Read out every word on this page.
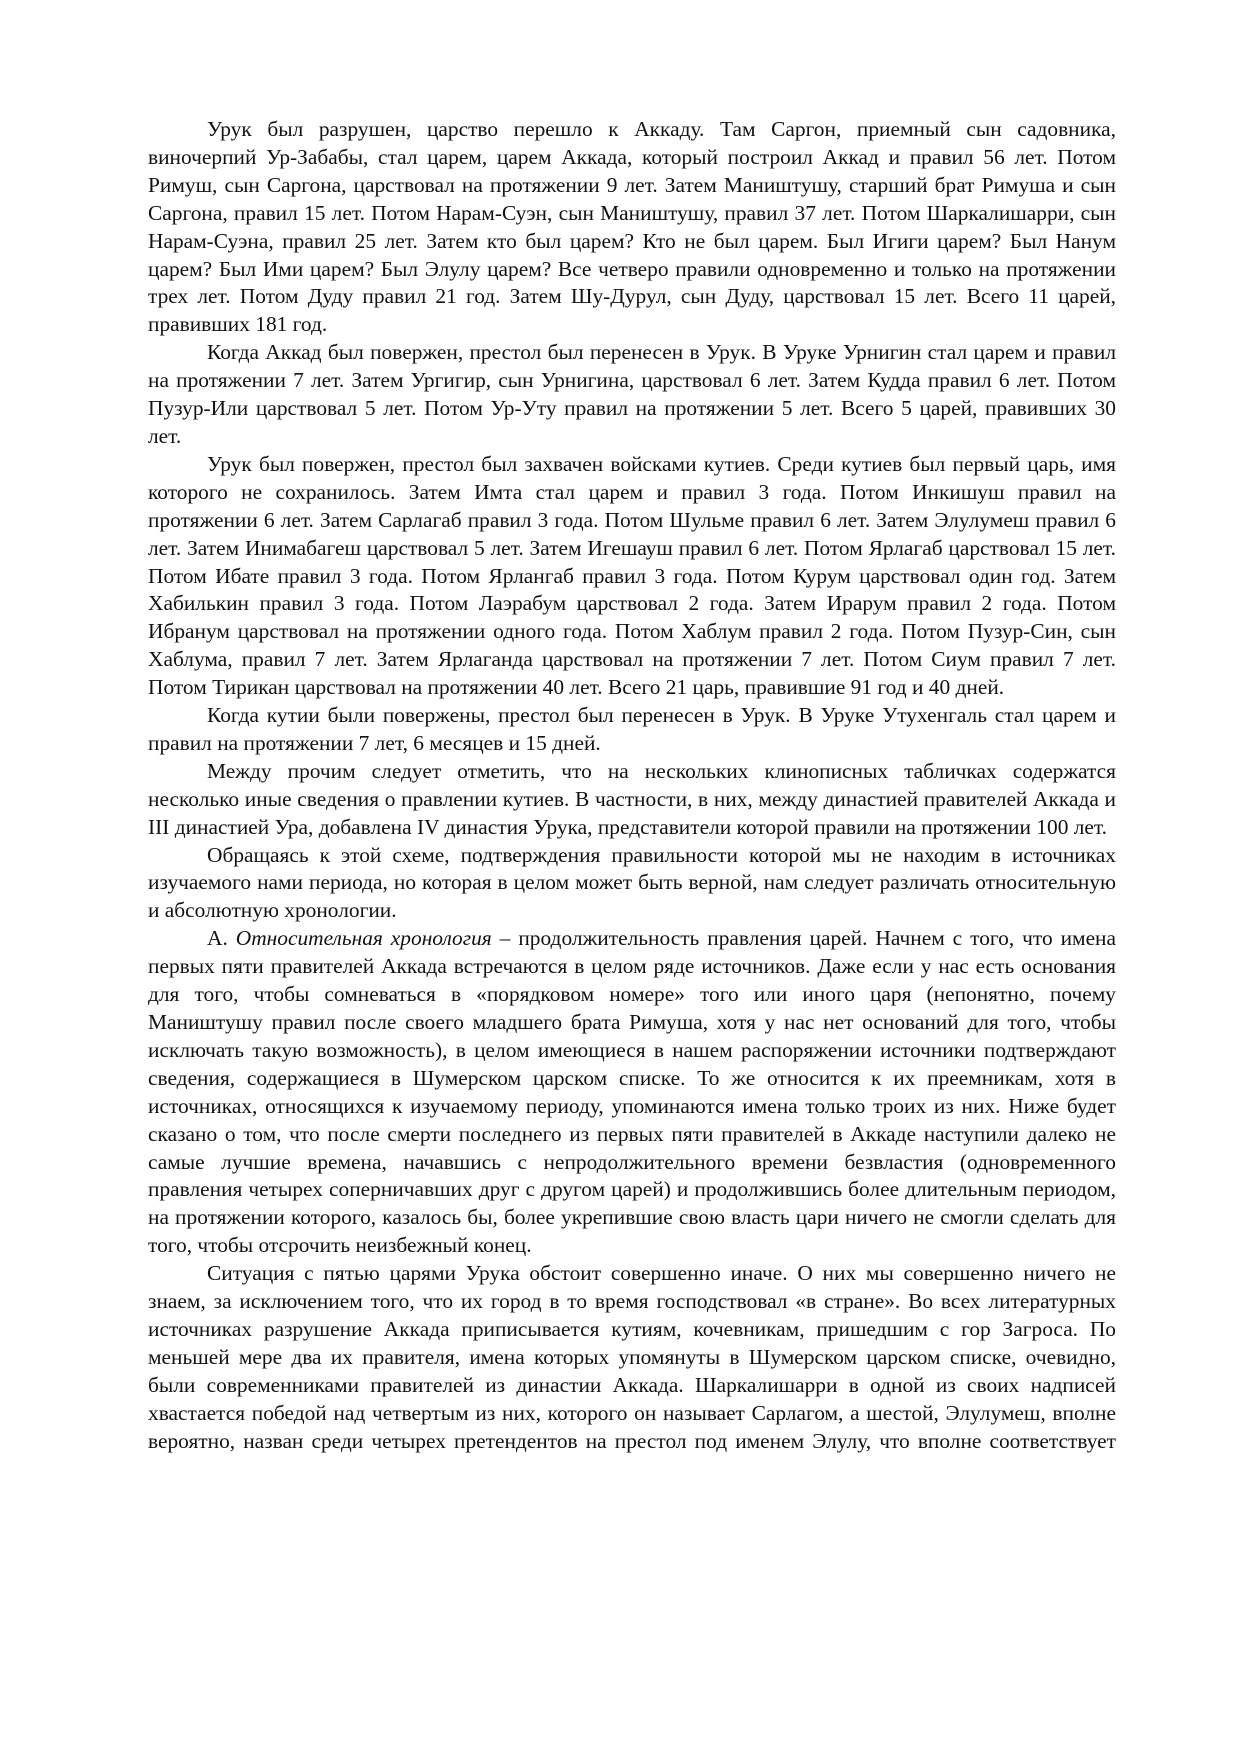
Урук был разрушен, царство перешло к Аккаду. Там Саргон, приемный сын садовника, виночерпий Ур-Забабы, стал царем, царем Аккада, который построил Аккад и правил 56 лет. Потом Римуш, сын Саргона, царствовал на протяжении 9 лет. Затем Маништушу, старший брат Римуша и сын Саргона, правил 15 лет. Потом Нарам-Суэн, сын Маништушу, правил 37 лет. Потом Шаркалишарри, сын Нарам-Суэна, правил 25 лет. Затем кто был царем? Кто не был царем. Был Игиги царем? Был Нанум царем? Был Ими царем? Был Элулу царем? Все четверо правили одновременно и только на протяжении трех лет. Потом Дуду правил 21 год. Затем Шу-Дурул, сын Дуду, царствовал 15 лет. Всего 11 царей, правивших 181 год.

Когда Аккад был повержен, престол был перенесен в Урук. В Уруке Урнигин стал царем и правил на протяжении 7 лет. Затем Ургигир, сын Урнигина, царствовал 6 лет. Затем Кудда правил 6 лет. Потом Пузур-Или царствовал 5 лет. Потом Ур-Уту правил на протяжении 5 лет. Всего 5 царей, правивших 30 лет.

Урук был повержен, престол был захвачен войсками кутиев. Среди кутиев был первый царь, имя которого не сохранилось. Затем Имта стал царем и правил 3 года. Потом Инкишуш правил на протяжении 6 лет. Затем Сарлагаб правил 3 года. Потом Шульме правил 6 лет. Затем Элулумеш правил 6 лет. Затем Инимабагеш царствовал 5 лет. Затем Игешауш правил 6 лет. Потом Ярлагаб царствовал 15 лет. Потом Ибате правил 3 года. Потом Ярлангаб правил 3 года. Потом Курум царствовал один год. Затем Хабилькин правил 3 года. Потом Лаэрабум царствовал 2 года. Затем Ирарум правил 2 года. Потом Ибранум царствовал на протяжении одного года. Потом Хаблум правил 2 года. Потом Пузур-Син, сын Хаблума, правил 7 лет. Затем Ярлаганда царствовал на протяжении 7 лет. Потом Сиум правил 7 лет. Потом Тирикан царствовал на протяжении 40 лет. Всего 21 царь, правившие 91 год и 40 дней.

Когда кутии были повержены, престол был перенесен в Урук. В Уруке Утухенгаль стал царем и правил на протяжении 7 лет, 6 месяцев и 15 дней.

Между прочим следует отметить, что на нескольких клинописных табличках содержатся несколько иные сведения о правлении кутиев. В частности, в них, между династией правителей Аккада и III династией Ура, добавлена IV династия Урука, представители которой правили на протяжении 100 лет.

Обращаясь к этой схеме, подтверждения правильности которой мы не находим в источниках изучаемого нами периода, но которая в целом может быть верной, нам следует различать относительную и абсолютную хронологии.

А. Относительная хронология – продолжительность правления царей. Начнем с того, что имена первых пяти правителей Аккада встречаются в целом ряде источников. Даже если у нас есть основания для того, чтобы сомневаться в «порядковом номере» того или иного царя (непонятно, почему Маништушу правил после своего младшего брата Римуша, хотя у нас нет оснований для того, чтобы исключать такую возможность), в целом имеющиеся в нашем распоряжении источники подтверждают сведения, содержащиеся в Шумерском царском списке. То же относится к их преемникам, хотя в источниках, относящихся к изучаемому периоду, упоминаются имена только троих из них. Ниже будет сказано о том, что после смерти последнего из первых пяти правителей в Аккаде наступили далеко не самые лучшие времена, начавшись с непродолжительного времени безвластия (одновременного правления четырех соперничавших друг с другом царей) и продолжившись более длительным периодом, на протяжении которого, казалось бы, более укрепившие свою власть цари ничего не смогли сделать для того, чтобы отсрочить неизбежный конец.

Ситуация с пятью царями Урука обстоит совершенно иначе. О них мы совершенно ничего не знаем, за исключением того, что их город в то время господствовал «в стране». Во всех литературных источниках разрушение Аккада приписывается кутиям, кочевникам, пришедшим с гор Загроса. По меньшей мере два их правителя, имена которых упомянуты в Шумерском царском списке, очевидно, были современниками правителей из династии Аккада. Шаркалишарри в одной из своих надписей хвастается победой над четвертым из них, которого он называет Сарлагом, а шестой, Элулумеш, вполне вероятно, назван среди четырех претендентов на престол под именем Элулу, что вполне соответствует
